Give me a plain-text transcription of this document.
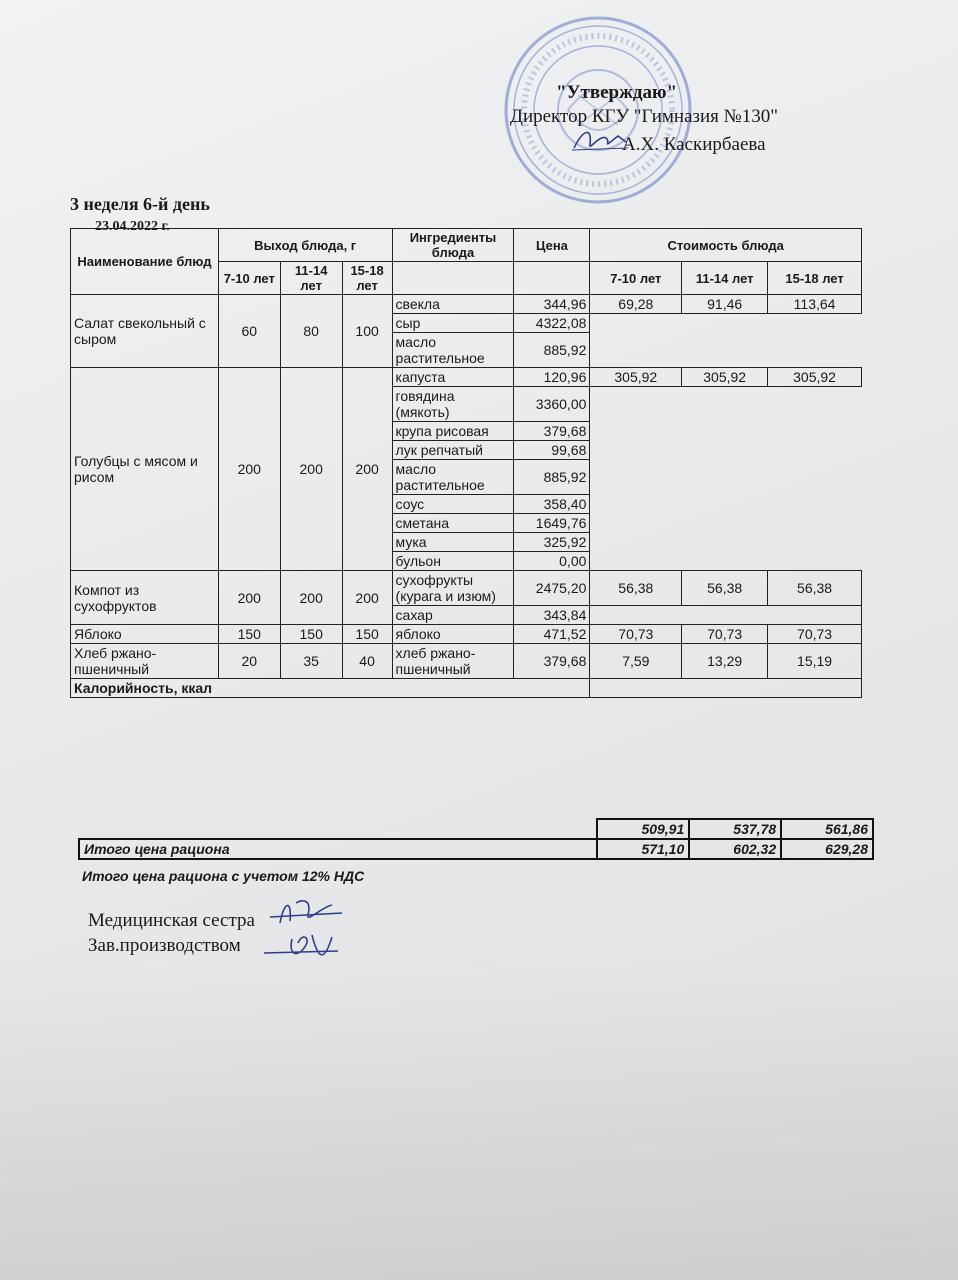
"Утверждаю"
Директор КГУ "Гимназия №130"
А.Х. Каскирбаева
3 неделя 6-й день
23.04.2022 г.
Наименование блюд	Выход блюда, г			Ингредиенты блюда	Цена	Стоимость блюда		
	7-10 лет	11-14 лет	15-18 лет			7-10 лет	11-14 лет	15-18 лет
Салат свекольный с сыром	60	80	100	свекла	344,96	69,28	91,46	113,64
				сыр	4322,08			
				масло растительное	885,92			
Голубцы с мясом и рисом	200	200	200	капуста	120,96	305,92	305,92	305,92
				говядина (мякоть)	3360,00			
				крупа рисовая	379,68			
				лук репчатый	99,68			
				масло растительное	885,92			
				соус	358,40			
				сметана	1649,76			
				мука	325,92			
				бульон	0,00			
Компот из сухофруктов	200	200	200	сухофрукты (курага и изюм)	2475,20	56,38	56,38	56,38
				сахар	343,84			
Яблоко	150	150	150	яблоко	471,52	70,73	70,73	70,73
Хлеб ржано-пшеничный	20	35	40	хлеб ржано-пшеничный	379,68	7,59	13,29	15,19
Калорийность, ккал								
	509,91	537,78	561,86
Итого цена рациона	571,10	602,32	629,28
Итого цена рациона с учетом 12% НДС
Медицинская сестра
Зав.производством
